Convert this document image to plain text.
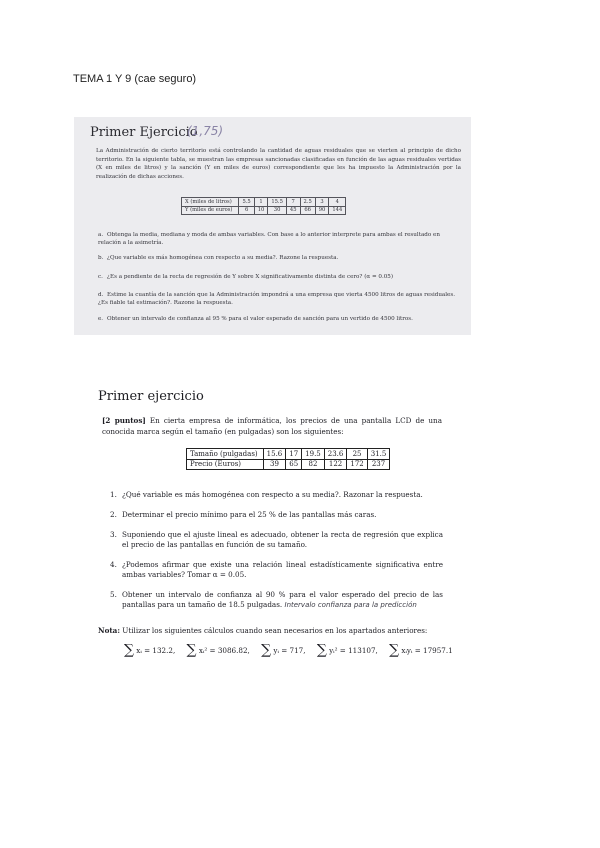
TEMA 1 Y 9 (cae seguro)
Primer Ejercicio
(1,75)
La Administración de cierto territorio está controlando la cantidad de aguas residuales que se vierten al principio de dicho territorio. En la siguiente tabla, se muestran las empresas sancionadas clasificadas en función de las aguas residuales vertidas (X en miles de litros) y la sanción (Y en miles de euros) correspondiente que les ha impuesto la Administración por la realización de dichas acciones.
X (miles de litros)	5.5	1	15.5	7	2.5	3	4
Y (miles de euros)	6	10	30	45	66	90	144
a. Obtenga la media, mediana y moda de ambas variables. Con base a lo anterior interprete para ambas el resultado en relación a la asimetría.
b. ¿Que variable es más homogénea con respecto a su media?. Razone la respuesta.
c. ¿Es a pendiente de la recta de regresión de Y sobre X significativamente distinta de cero? (α = 0.05)
d. Estime la cuantía de la sanción que la Administración impondrá a una empresa que vierta 4500 litros de aguas residuales. ¿Es fiable tal estimación?. Razone la respuesta.
e. Obtener un intervalo de confianza al 95 % para el valor esperado de sanción para un vertido de 4500 litros.
Primer ejercicio
[2 puntos] En cierta empresa de informática, los precios de una pantalla LCD de una conocida marca según el tamaño (en pulgadas) son los siguientes:
Tamaño (pulgadas)	15.6	17	19.5	23.6	25	31.5
Precio (Euros)	39	65	82	122	172	237
1. ¿Qué variable es más homogénea con respecto a su media?. Razonar la respuesta.
2. Determinar el precio mínimo para el 25 % de las pantallas más caras.
3. Suponiendo que el ajuste lineal es adecuado, obtener la recta de regresión que explica el precio de las pantallas en función de su tamaño.
4. ¿Podemos afirmar que existe una relación lineal estadísticamente significativa entre ambas variables? Tomar α = 0.05.
5. Obtener un intervalo de confianza al 90 % para el valor esperado del precio de las pantallas para un tamaño de 18.5 pulgadas. Intervalo confianza para la predicción
Nota: Utilizar los siguientes cálculos cuando sean necesarios en los apartados anteriores:
∑ xᵢ = 132.2, ∑ xᵢ² = 3086.82, ∑ yᵢ = 717, ∑ yᵢ² = 113107, ∑ xᵢyᵢ = 17957.1
